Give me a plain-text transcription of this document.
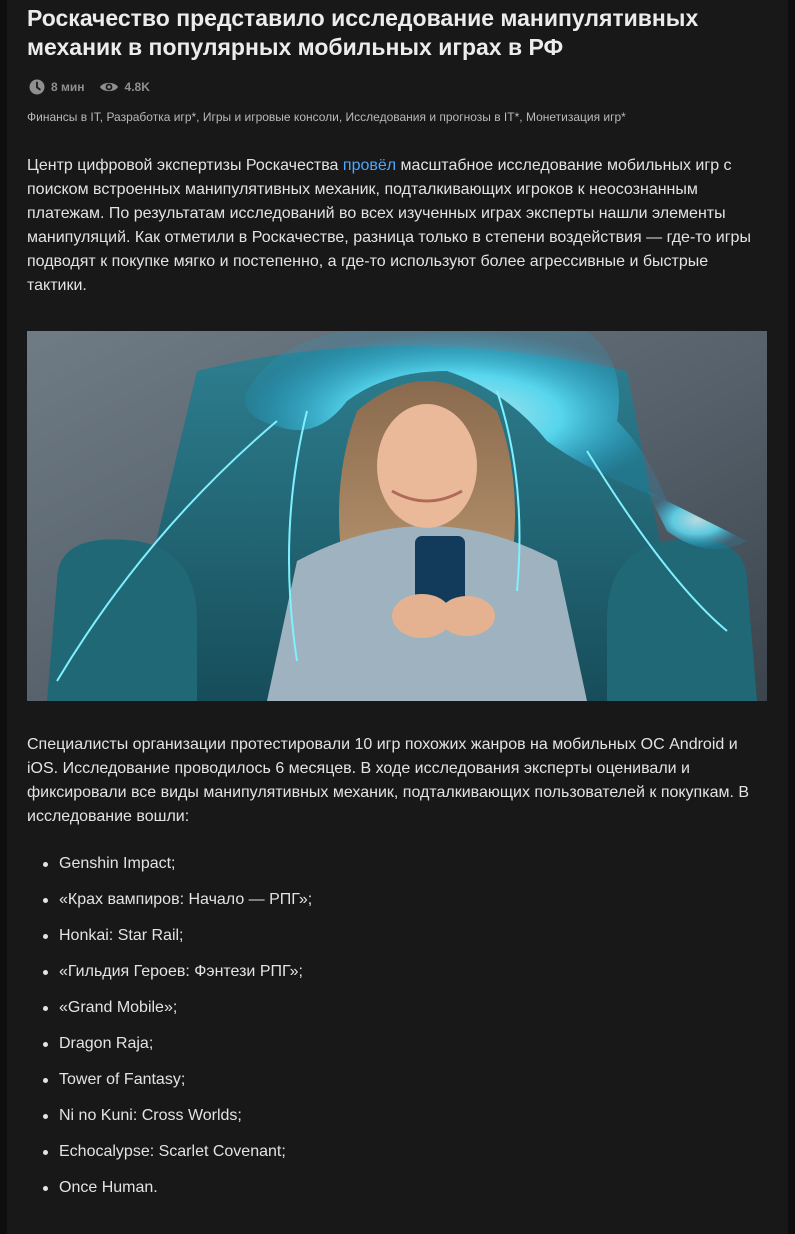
Роскачество представило исследование манипулятивных механик в популярных мобильных играх в РФ
8 мин	4.8K
Финансы в IT, Разработка игр*, Игры и игровые консоли, Исследования и прогнозы в IT*, Монетизация игр*

Центр цифровой экспертизы Роскачества провёл масштабное исследование мобильных игр с поиском встроенных манипулятивных механик, подталкивающих игроков к неосознанным платежам. По результатам исследований во всех изученных играх эксперты нашли элементы манипуляций. Как отметили в Роскачестве, разница только в степени воздействия — где-то игры подводят к покупке мягко и постепенно, а где-то используют более агрессивные и быстрые тактики.

Специалисты организации протестировали 10 игр похожих жанров на мобильных ОС Android и iOS. Исследование проводилось 6 месяцев. В ходе исследования эксперты оценивали и фиксировали все виды манипулятивных механик, подталкивающих пользователей к покупкам. В исследование вошли:

Genshin Impact;
«Крах вампиров: Начало — РПГ»;
Honkai: Star Rail;
«Гильдия Героев: Фэнтези РПГ»;
«Grand Mobile»;
Dragon Raja;
Tower of Fantasy;
Ni no Kuni: Cross Worlds;
Echocalypse: Scarlet Covenant;
Once Human.
